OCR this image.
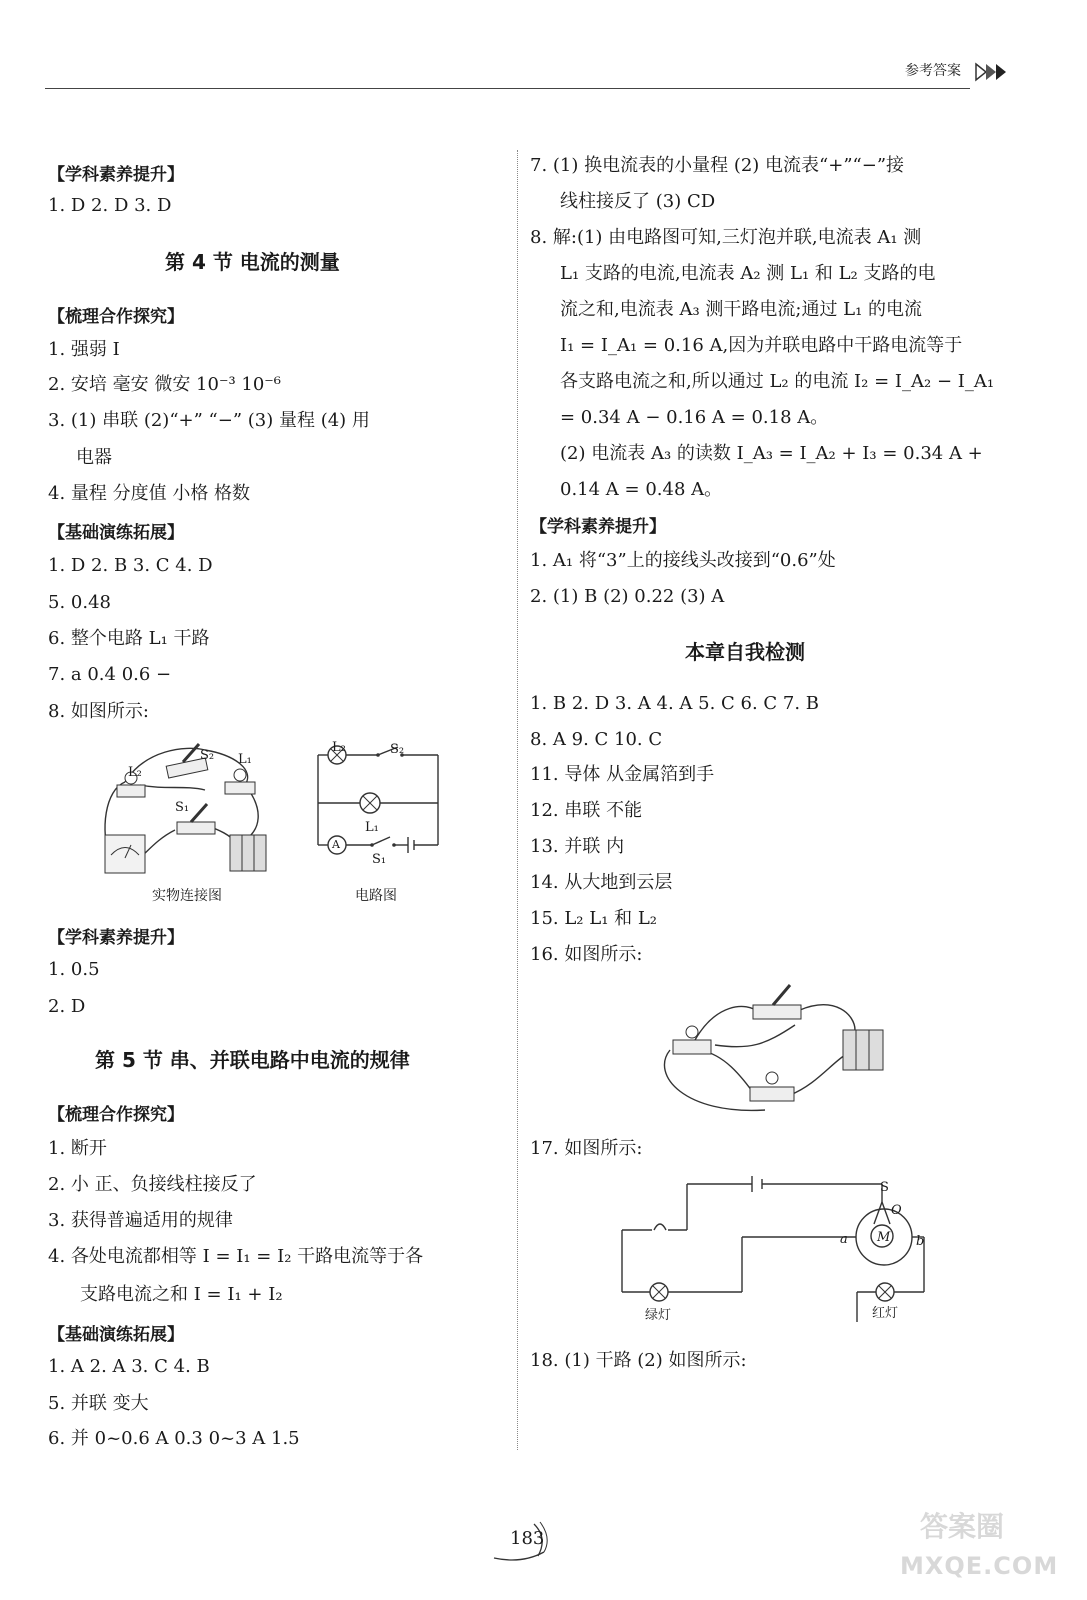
参考答案
【学科素养提升】
1. D 2. D 3. D
第 4 节 电流的测量
【梳理合作探究】
1. 强弱 I
2. 安培 毫安 微安 10⁻³ 10⁻⁶
3. (1) 串联 (2)“+” “−” (3) 量程 (4) 用
电器
4. 量程 分度值 小格 格数
【基础演练拓展】
1. D 2. B 3. C 4. D
5. 0.48
6. 整个电路 L₁ 干路
7. a 0.4 0.6 −
8. 如图所示:
L₂
S₂ L₁
S₁
实物连接图
L₂	S₂
L₁
A
S₁
电路图
【学科素养提升】
1. 0.5
2. D
第 5 节 串、并联电路中电流的规律
【梳理合作探究】
1. 断开
2. 小 正、负接线柱接反了
3. 获得普遍适用的规律
4. 各处电流都相等 I = I₁ = I₂ 干路电流等于各
支路电流之和 I = I₁ + I₂
【基础演练拓展】
1. A 2. A 3. C 4. B
5. 并联 变大
6. 并 0~0.6 A 0.3 0~3 A 1.5
7. (1) 换电流表的小量程 (2) 电流表“+”“−”接
线柱接反了 (3) CD
8. 解:(1) 由电路图可知,三灯泡并联,电流表 A₁ 测
L₁ 支路的电流,电流表 A₂ 测 L₁ 和 L₂ 支路的电
流之和,电流表 A₃ 测干路电流;通过 L₁ 的电流
I₁ = I_A₁ = 0.16 A,因为并联电路中干路电流等于
各支路电流之和,所以通过 L₂ 的电流 I₂ = I_A₂ − I_A₁
= 0.34 A − 0.16 A = 0.18 A。
(2) 电流表 A₃ 的读数 I_A₃ = I_A₂ + I₃ = 0.34 A +
0.14 A = 0.48 A。
【学科素养提升】
1. A₁ 将“3”上的接线头改接到“0.6”处
2. (1) B (2) 0.22 (3) A
本章自我检测
1. B 2. D 3. A 4. A 5. C 6. C 7. B
8. A 9. C 10. C
11. 导体 从金属箔到手
12. 串联 不能
13. 并联 内
14. 从大地到云层
15. L₂ L₁ 和 L₂
16. 如图所示:
17. 如图所示:
S
O
M
a	b
绿灯	红灯
18. (1) 干路 (2) 如图所示:
183	答案圈
MXQE.COM
